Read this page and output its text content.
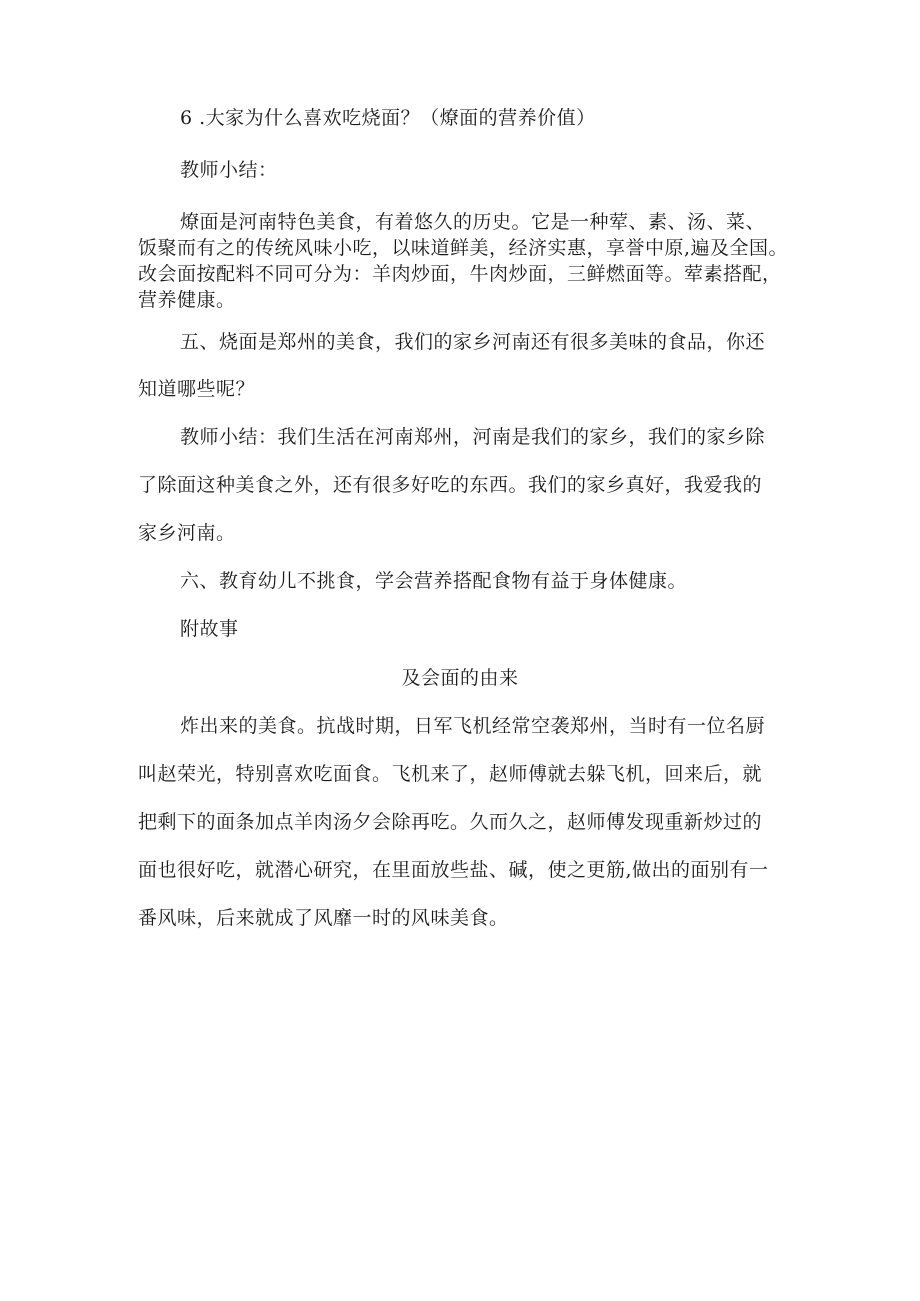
6 .大家为什么喜欢吃烧面？（燎面的营养价值）
教师小结：
燎面是河南特色美食，有着悠久的历史。它是一种荤、素、汤、菜、
饭聚而有之的传统风味小吃，以味道鲜美，经济实惠，享誉中原,遍及全国。
改会面按配料不同可分为：羊肉炒面，牛肉炒面，三鲜燃面等。荤素搭配，
营养健康。
五、烧面是郑州的美食，我们的家乡河南还有很多美味的食品，你还
知道哪些呢？
教师小结：我们生活在河南郑州，河南是我们的家乡，我们的家乡除
了除面这种美食之外，还有很多好吃的东西。我们的家乡真好，我爱我的
家乡河南。
六、教育幼儿不挑食，学会营养搭配食物有益于身体健康。
附故事
及会面的由来
炸出来的美食。抗战时期，日军飞机经常空袭郑州，当时有一位名厨
叫赵荣光，特别喜欢吃面食。飞机来了，赵师傅就去躲飞机，回来后，就
把剩下的面条加点羊肉汤夕会除再吃。久而久之，赵师傅发现重新炒过的
面也很好吃，就潜心研究，在里面放些盐、碱，使之更筋,做出的面别有一
番风味，后来就成了风靡一时的风味美食。
